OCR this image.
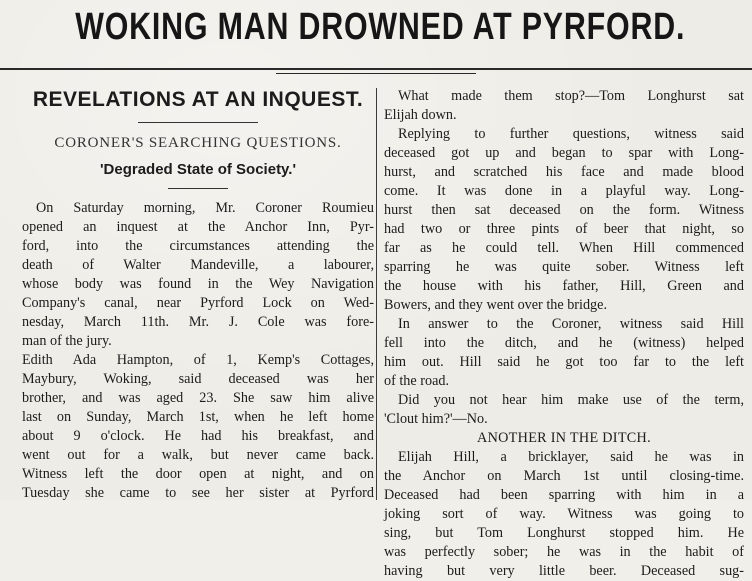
WOKING MAN DROWNED AT PYRFORD.
REVELATIONS AT AN INQUEST.
CORONER'S SEARCHING QUESTIONS.
'Degraded State of Society.'
On Saturday morning, Mr. Coroner Roumieu
opened an inquest at the Anchor Inn, Pyr-
ford, into the circumstances attending the
death of Walter Mandeville, a labourer,
whose body was found in the Wey Navigation
Company's canal, near Pyrford Lock on Wed-
nesday, March 11th. Mr. J. Cole was fore-
man of the jury.
Edith Ada Hampton, of 1, Kemp's Cottages,
Maybury, Woking, said deceased was her
brother, and was aged 23. She saw him alive
last on Sunday, March 1st, when he left home
about 9 o'clock. He had his breakfast, and
went out for a walk, but never came back.
Witness left the door open at night, and on
Tuesday she came to see her sister at Pyrford
What made them stop?—Tom Longhurst sat
Elijah down.
Replying to further questions, witness said
deceased got up and began to spar with Long-
hurst, and scratched his face and made blood
come. It was done in a playful way. Long-
hurst then sat deceased on the form. Witness
had two or three pints of beer that night, so
far as he could tell. When Hill commenced
sparring he was quite sober. Witness left
the house with his father, Hill, Green and
Bowers, and they went over the bridge.
In answer to the Coroner, witness said Hill
fell into the ditch, and he (witness) helped
him out. Hill said he got too far to the left
of the road.
Did you not hear him make use of the term,
'Clout him?'—No.
ANOTHER IN THE DITCH.
Elijah Hill, a bricklayer, said he was in
the Anchor on March 1st until closing-time.
Deceased had been sparring with him in a
joking sort of way. Witness was going to
sing, but Tom Longhurst stopped him. He
was perfectly sober; he was in the habit of
having but very little beer. Deceased sug-
